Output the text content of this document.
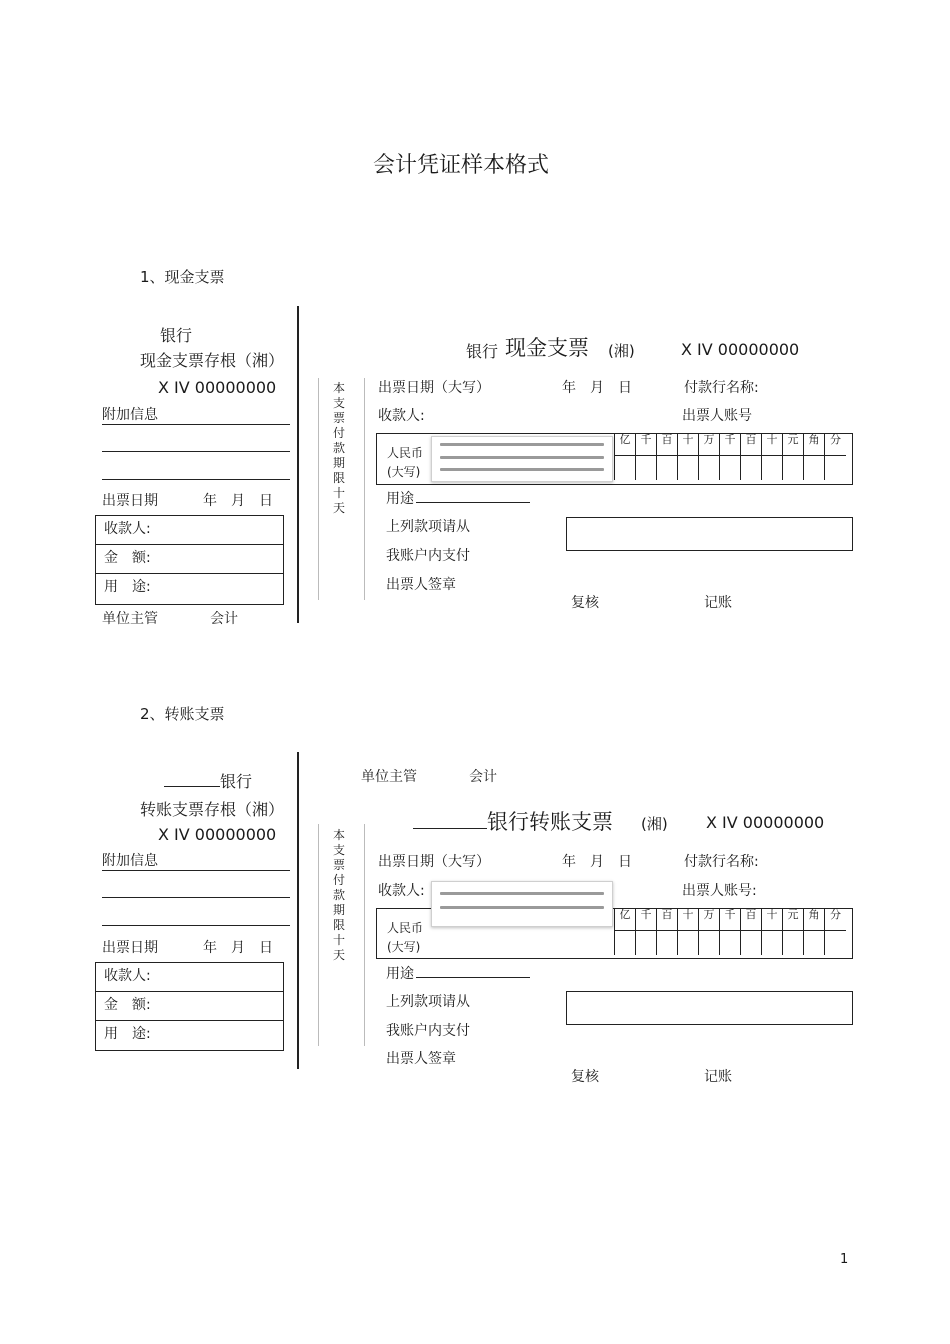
会计凭证样本格式
1、现金支票
银行
现金支票存根（湘）
X IV 00000000
附加信息
出票日期	年　月　日
收款人:
金　额:
用　途:
单位主管	会计
本支票付款期限十天
银行 现金支票 (湘)	X IV 00000000
出票日期（大写）	年　月　日	付款行名称:
收款人:	出票人账号
人民币
(大写)
亿 千 百 十 万 千 百 十 元 角 分
用途
上列款项请从
我账户内支付
出票人签章
复核	记账
2、转账支票
银行
转账支票存根（湘）
X IV 00000000
附加信息
出票日期	年　月　日
收款人:
金　额:
用　途:
本支票付款期限十天
单位主管	会计
银行转账支票 (湘) X IV 00000000
出票日期（大写）	年　月　日	付款行名称:
收款人:	出票人账号:
人民币
(大写)
亿 千 百 十 万 千 百 十 元 角 分
用途
上列款项请从
我账户内支付
出票人签章
复核	记账
1
